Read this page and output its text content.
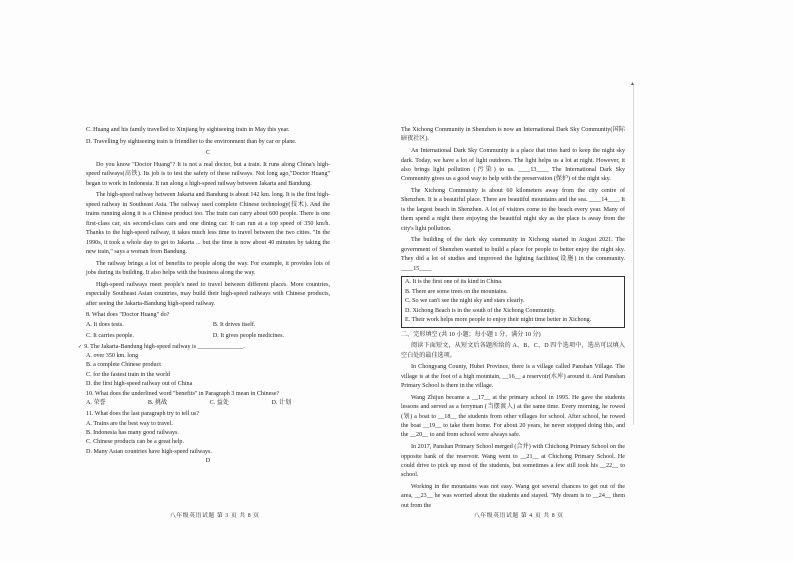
C. Huang and his family travelled to Xinjiang by sightseeing train in May this year.

D. Travelling by sightseeing train is friendlier to the environment than by car or plane.

C

Do you know "Doctor Huang"? It is not a real doctor, but a train. It runs along China's high-speed railways(高铁). Its job is to test the safety of these railways. Not long ago,"Doctor Huang" began to work in Indonesia. It ran along a high-speed railway between Jakarta and Bandung.

The high-speed railway between Jakarta and Bandung is about 142 km. long. It is the first high-speed railway in Southeast Asia. The railway used complete Chinese technology(技术). And the trains running along it is a Chinese product too. The train can carry about 600 people. There is one first-class car, six second-class cars and one dining car. It can run at a top speed of 350 km/h. Thanks to the high-speed railway, it takes much less time to travel between the two cities. "In the 1990s, it took a whole day to get to Jakarta ... but the time is now about 40 minutes by taking the new train," says a woman from Bandung.

The railway brings a lot of benefits to people along the way. For example, it provides lots of jobs during its building. It also helps with the business along the way.

High-speed railways meet people's need to travel between different places. More countries, especially Southeast Asian countries, may build their high-speed railways with Chinese products, after seeing the Jakarta-Bandung high-speed railway.

8. What does "Doctor Huang" do?

A. It does tests.	B. It drives itself.
C. It carries people.	D. It gives people medicines.

✓ 9. The Jakarta-Bandung high-speed railway is _______________.

A. over 350 km. long

B. a complete Chinese product

C. for the fastest train in the world

D. the first high-speed railway out of China

10. What does the underlined word "benefits" in Paragraph 3 mean in Chinese?

A. 荣誉	B. 挑战	C. 益处	D. 计划

11. What does the last paragraph try to tell us?

A. Trains are the best way to travel.

B. Indonesia has many good railways.

C. Chinese products can be a great help.

D. Many Asian countries have high-speed railways.

D

The Xichong Community in Shenzhen is now an International Dark Sky Community(国际暗夜社区).

An International Dark Sky Community is a place that tries hard to keep the night sky dark. Today, we have a lot of light outdoors. The light helps us a lot at night. However, it also brings light pollution (污染) to us. ____13____ The International Dark Sky Community gives us a good way to help with the preservation (保护) of the night sky.

The Xichong Community is about 60 kilometers away from the city centre of Shenzhen. It is a beautiful place. There are beautiful mountains and the sea. ____14____ It is the largest beach in Shenzhen. A lot of visitors come to the beach every year. Many of them spend a night there enjoying the beautiful night sky as the place is away from the city's light pollution.

The building of the dark sky community in Xichong started in August 2021. The government of Shenzhen wanted to build a place for people to better enjoy the night sky. They did a lot of studies and improved the lighting facilities(设施) in the community. ____15____

A. It is the first one of its kind in China.

B. There are some trees on the mountains.

C. So we can't see the night sky and stars clearly.

D. Xichong Beach is in the south of the Xichong Community.

E. Their work helps more people to enjoy their night time better in Xichong.

二、完形填空 (共 10 小题；每小题 1 分，满分 10 分)

阅读下面短文，从短文后各题所给的 A、B、C、D 四个选项中，选出可以填入空白处的最佳选项。

In Chongyang County, Hubei Province, there is a village called Panshan Village. The village is at the foot of a high mountain, __16__ a reservoir(水库) around it. And Panshan Primary School is there in the village.

Wang Zhijun became a __17__ at the primary school in 1995. He gave the students lessons and served as a ferryman (当摆渡人) at the same time. Every morning, he rowed (划) a boat to __18__ the students from other villages for school. After school, he rowed the boat __19__ to take them home. For about 20 years, he never stopped doing this, and the __20__ to and from school were always safe.

In 2017, Panshan Primary School merged (合并) with Chichong Primary School on the opposite bank of the reservoir. Wang went to __21__ at Chichong Primary School. He could drive to pick up most of the students, but sometimes a few still took his __22__ to school.

Working in the mountains was not easy. Wang got several chances to get out of the area, __23__ he was worried about the students and stayed. "My dream is to __24__ them out from the

八年级英语试题 第 3 页 共 8 页	八年级英语试题 第 4 页 共 8 页
▲
